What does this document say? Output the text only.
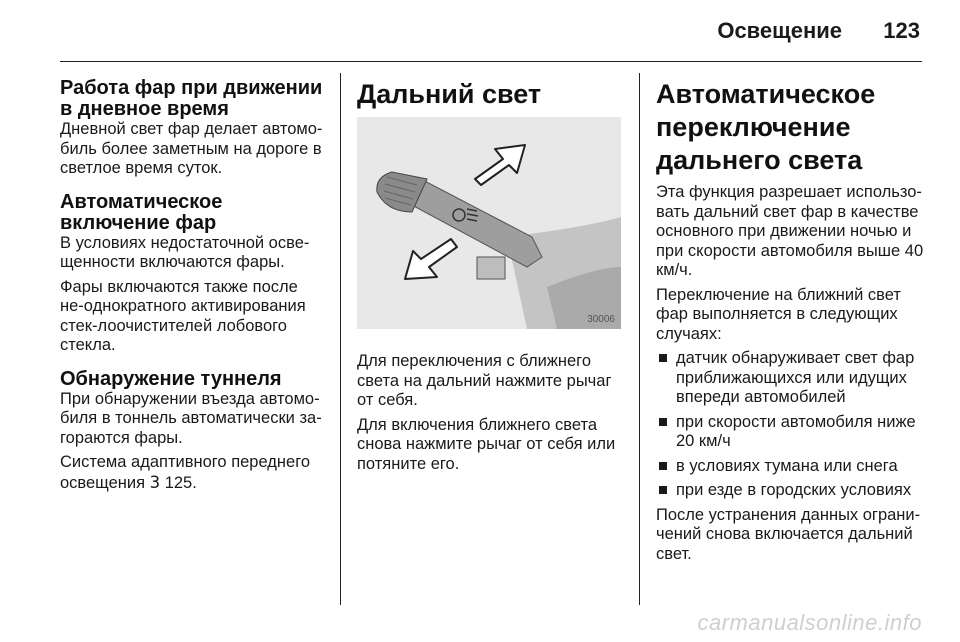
Освещение 123
Работа фар при движении в дневное время

Дневной свет фар делает автомо-биль более заметным на дороге в светлое время суток.

Автоматическое включение фар

В условиях недостаточной осве-щенности включаются фары.

Фары включаются также после не-однократного активирования стек-лоочистителей лобового стекла.

Обнаружение туннеля

При обнаружении въезда автомо-биля в тоннель автоматически за-гораются фары.

Система адаптивного переднего освещения 3 125.

Дальний свет
30006

Для переключения с ближнего света на дальний нажмите рычаг от себя.

Для включения ближнего света снова нажмите рычаг от себя или потяните его.

Автоматическое переключение дальнего света

Эта функция разрешает использо-вать дальний свет фар в качестве основного при движении ночью и при скорости автомобиля выше 40 км/ч.

Переключение на ближний свет фар выполняется в следующих случаях:

датчик обнаруживает свет фар приближающихся или идущих впереди автомобилей
при скорости автомобиля ниже 20 км/ч
в условиях тумана или снега
при езде в городских условиях

После устранения данных ограни-чений снова включается дальний свет.

carmanualsonline.info
